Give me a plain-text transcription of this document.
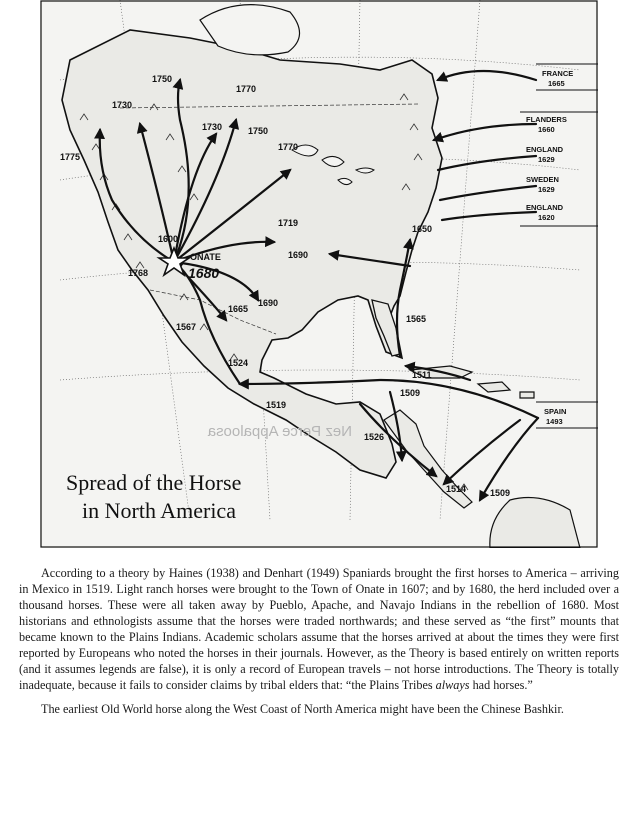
FRANCE
1665
FLANDERS
1660
ENGLAND
1629
SWEDEN
1629
ENGLAND
1620
SPAIN
1493
ONATE
1680
1750
1730
1770
1730	1750
1770
1775
1719
1690
1650
1600
1768
1665
1690
1567
1565
1524
1519
1511
1509
1526
1514	1509
Nez Perce Appaloosa
Spread of the Horse
in North America

According to a theory by Haines (1938) and Denhart (1949) Spaniards brought the first horses to America – arriving in Mexico in 1519. Light ranch horses were brought to the Town of Onate in 1607; and by 1680, the herd included over a thousand horses. These were all taken away by Pueblo, Apache, and Navajo Indians in the rebellion of 1680. Most historians and ethnologists assume that the horses were traded northwards; and these served as “the first” mounts that became known to the Plains Indians. Academic scholars assume that the horses arrived at about the times they were first reported by Europeans who noted the horses in their journals. However, as the Theory is based entirely on written reports (and it assumes legends are false), it is only a record of European travels – not horse introductions. The Theory is totally inadequate, because it fails to consider claims by tribal elders that: “the Plains Tribes always had horses.”

The earliest Old World horse along the West Coast of North America might have been the Chinese Bashkir.
